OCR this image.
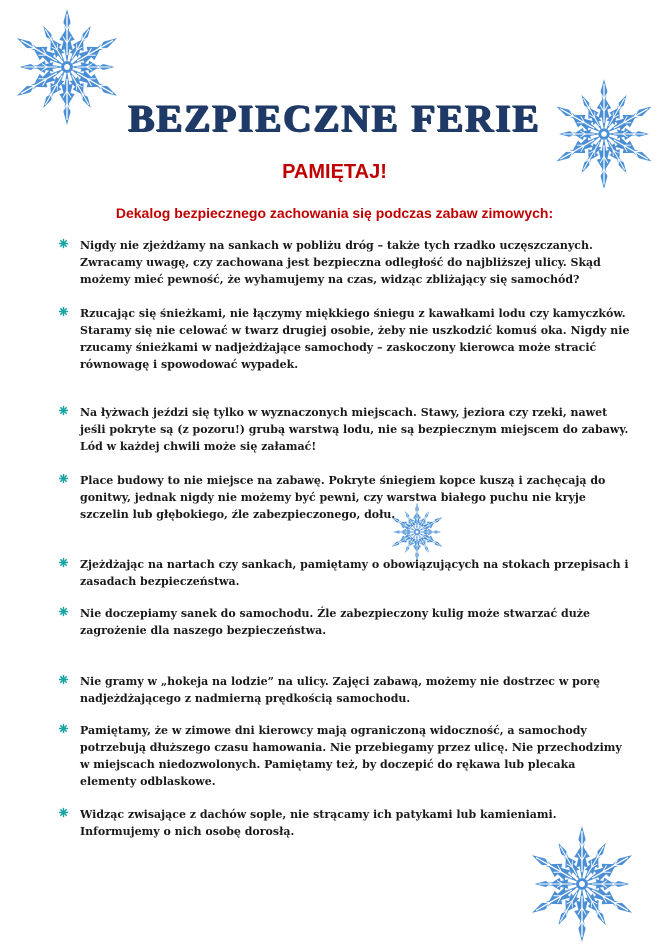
BEZPIECZNE FERIE
PAMIĘTAJ!
Dekalog bezpiecznego zachowania się podczas zabaw zimowych:
Nigdy nie zjeżdżamy na sankach w pobliżu dróg – także tych rzadko uczęszczanych. Zwracamy uwagę, czy zachowana jest bezpieczna odległość do najbliższej ulicy. Skąd możemy mieć pewność, że wyhamujemy na czas, widząc zbliżający się samochód?
Rzucając się śnieżkami, nie łączymy miękkiego śniegu z kawałkami lodu czy kamyczków. Staramy się nie celować w twarz drugiej osobie, żeby nie uszkodzić komuś oka. Nigdy nie rzucamy śnieżkami w nadjeżdżające samochody – zaskoczony kierowca może stracić równowagę i spowodować wypadek.
Na łyżwach jeździ się tylko w wyznaczonych miejscach. Stawy, jeziora czy rzeki, nawet jeśli pokryte są (z pozoru!) grubą warstwą lodu, nie są bezpiecznym miejscem do zabawy. Lód w każdej chwili może się załamać!
Place budowy to nie miejsce na zabawę. Pokryte śniegiem kopce kuszą i zachęcają do gonitwy, jednak nigdy nie możemy być pewni, czy warstwa białego puchu nie kryje szczelin lub głębokiego, źle zabezpieczonego, dołu.
Zjeżdżając na nartach czy sankach, pamiętamy o obowiązujących na stokach przepisach i zasadach bezpieczeństwa.
Nie doczepiamy sanek do samochodu. Źle zabezpieczony kulig może stwarzać duże zagrożenie dla naszego bezpieczeństwa.
Nie gramy w „hokeja na lodzie” na ulicy. Zajęci zabawą, możemy nie dostrzec w porę nadjeżdżającego z nadmierną prędkością samochodu.
Pamiętamy, że w zimowe dni kierowcy mają ograniczoną widoczność, a samochody potrzebują dłuższego czasu hamowania. Nie przebiegamy przez ulicę. Nie przechodzimy w miejscach niedozwolonych. Pamiętamy też, by doczepić do rękawa lub plecaka elementy odblaskowe.
Widząc zwisające z dachów sople, nie strącamy ich patykami lub kamieniami. Informujemy o nich osobę dorosłą.
